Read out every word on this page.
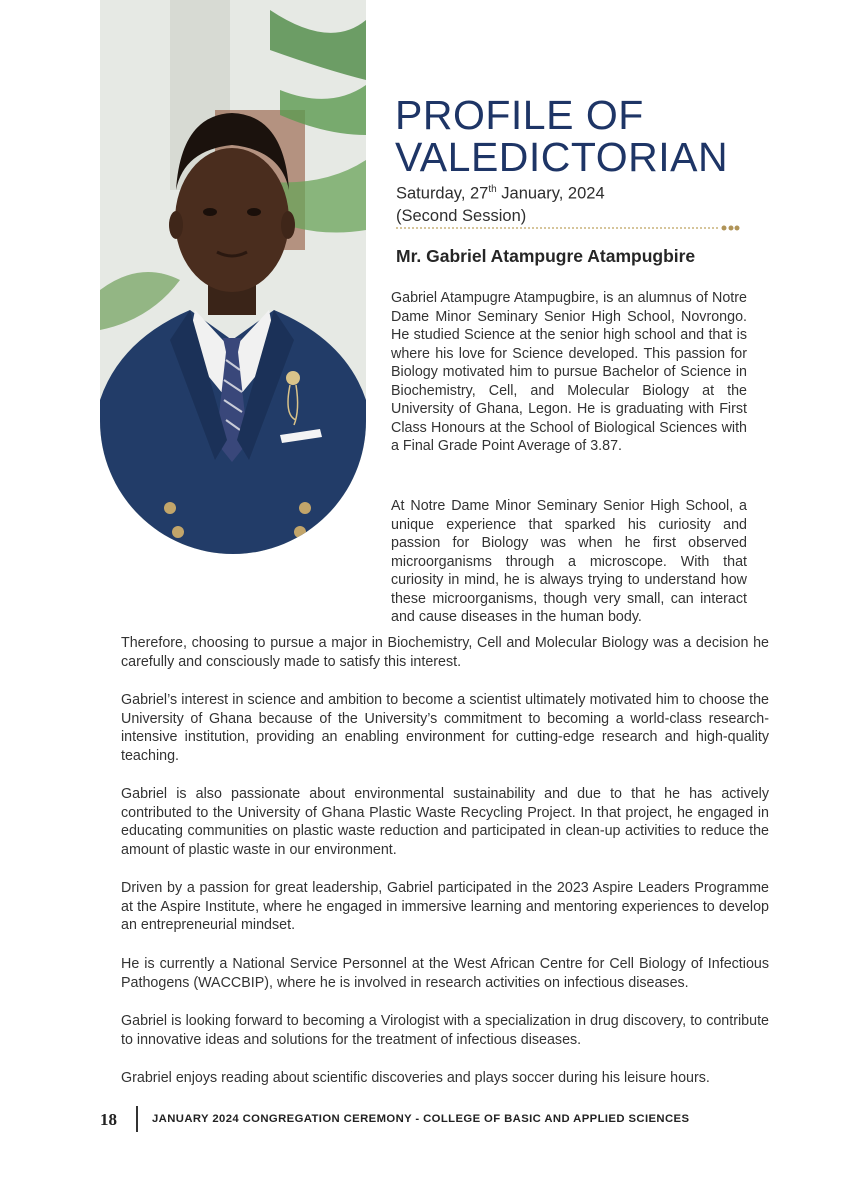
PROFILE OF
VALEDICTORIAN
Saturday, 27th January, 2024
(Second Session)
Mr. Gabriel Atampugre Atampugbire

Gabriel Atampugre Atampugbire, is an alumnus of Notre Dame Minor Seminary Senior High School, Novrongo. He studied Science at the senior high school and that is where his love for Science developed. This passion for Biology motivated him to pursue Bachelor of Science in Biochemistry, Cell, and Molecular Biology at the University of Ghana, Legon. He is graduating with First Class Honours at the School of Biological Sciences with a Final Grade Point Average of 3.87.

At Notre Dame Minor Seminary Senior High School, a unique experience that sparked his curiosity and passion for Biology was when he first observed microorganisms through a microscope. With that curiosity in mind, he is always trying to understand how these microorganisms, though very small, can interact and cause diseases in the human body.

Therefore, choosing to pursue a major in Biochemistry, Cell and Molecular Biology was a decision he carefully and consciously made to satisfy this interest.

Gabriel’s interest in science and ambition to become a scientist ultimately motivated him to choose the University of Ghana because of the University’s commitment to becoming a world-class research-intensive institution, providing an enabling environment for cutting-edge research and high-quality teaching.

Gabriel is also passionate about environmental sustainability and due to that he has actively contributed to the University of Ghana Plastic Waste Recycling Project. In that project, he engaged in educating communities on plastic waste reduction and participated in clean-up activities to reduce the amount of plastic waste in our environment.

Driven by a passion for great leadership, Gabriel participated in the 2023 Aspire Leaders Programme at the Aspire Institute, where he engaged in immersive learning and mentoring experiences to develop an entrepreneurial mindset.

He is currently a National Service Personnel at the West African Centre for Cell Biology of Infectious Pathogens (WACCBIP), where he is involved in research activities on infectious diseases.

Gabriel is looking forward to becoming a Virologist with a specialization in drug discovery, to contribute to innovative ideas and solutions for the treatment of infectious diseases.

Grabriel enjoys reading about scientific discoveries and plays soccer during his leisure hours.

18	JANUARY 2024 CONGREGATION CEREMONY - COLLEGE OF BASIC AND APPLIED SCIENCES
